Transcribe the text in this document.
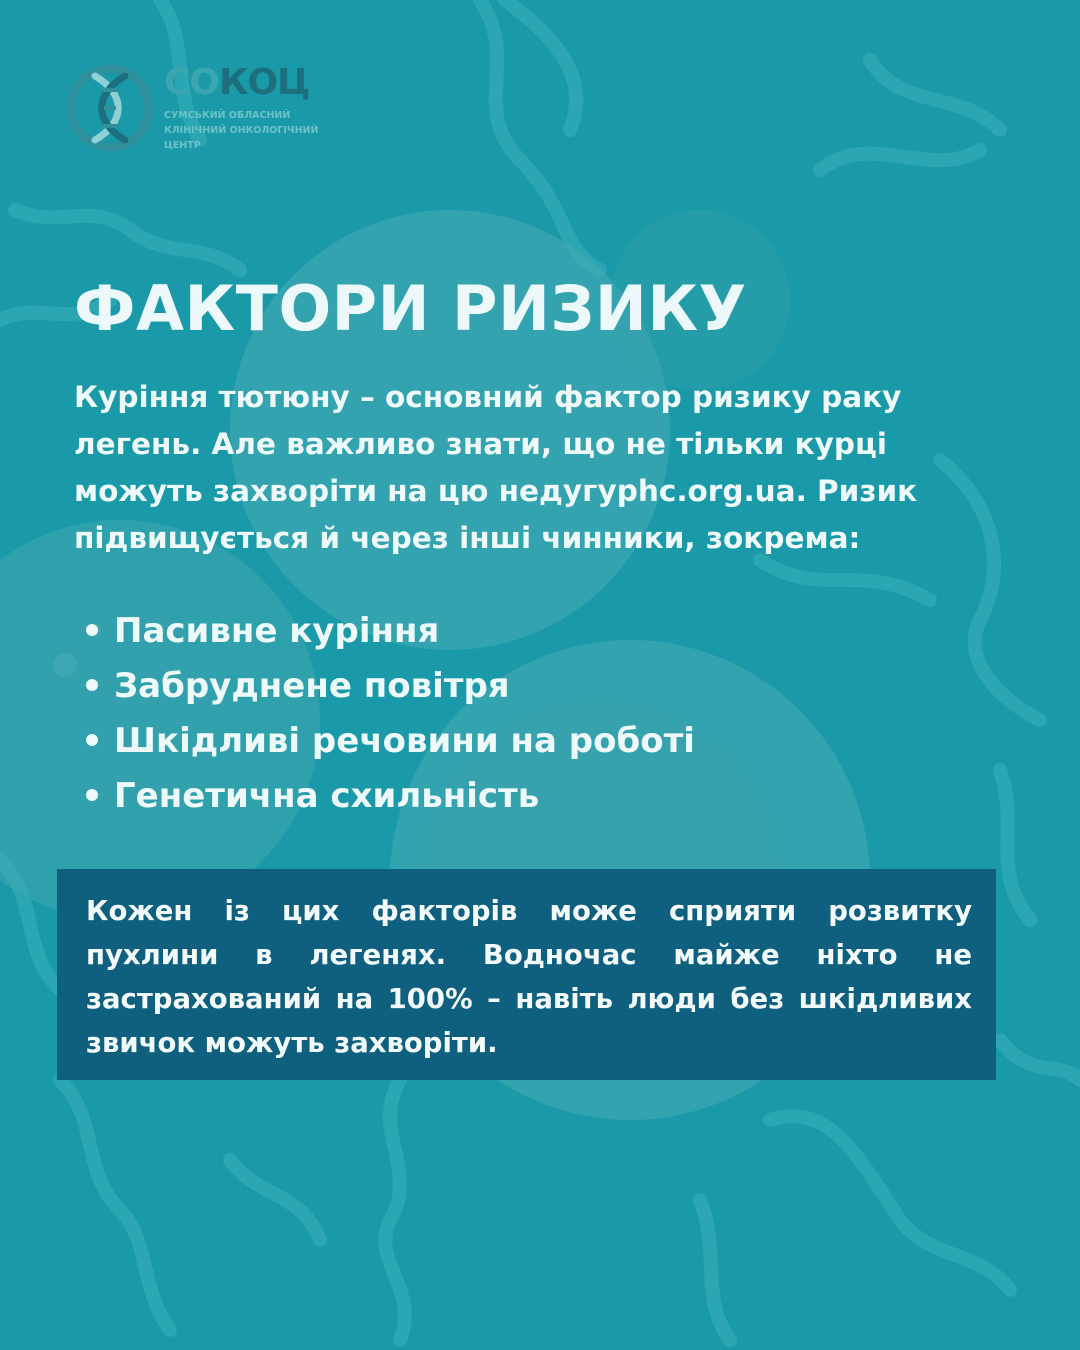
СОКОЦ
СУМСЬКИЙ ОБЛАСНИЙ КЛІНІЧНИЙ ОНКОЛОГІЧНИЙ ЦЕНТР
ФАКТОРИ РИЗИКУ

Куріння тютюну – основний фактор ризику раку легень. Але важливо знати, що не тільки курці можуть захворіти на цю недугуphc.org.ua. Ризик підвищується й через інші чинники, зокрема:

Пасивне куріння
Забруднене повітря
Шкідливі речовини на роботі
Генетична схильність

Кожен із цих факторів може сприяти розвитку пухлини в легенях. Водночас майже ніхто не застрахований на 100% – навіть люди без шкідливих звичок можуть захворіти.
